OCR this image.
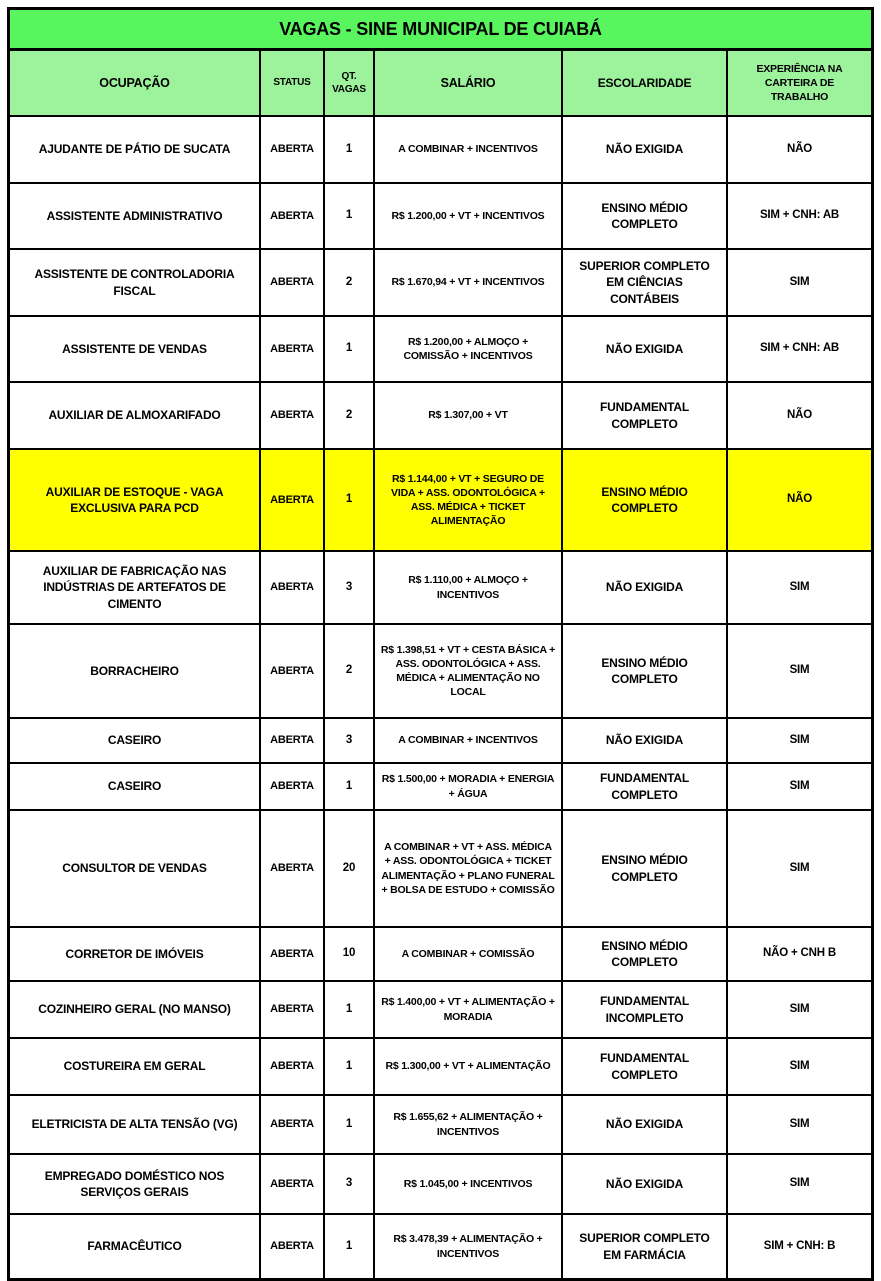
VAGAS - SINE MUNICIPAL DE CUIABÁ
OCUPAÇÃO	STATUS	QT. VAGAS	SALÁRIO	ESCOLARIDADE	EXPERIÊNCIA NA CARTEIRA DE TRABALHO
AJUDANTE DE PÁTIO DE SUCATA	ABERTA	1	A COMBINAR + INCENTIVOS	NÃO EXIGIDA	NÃO
ASSISTENTE ADMINISTRATIVO	ABERTA	1	R$ 1.200,00 + VT + INCENTIVOS	ENSINO MÉDIO COMPLETO	SIM + CNH: AB
ASSISTENTE DE CONTROLADORIA FISCAL	ABERTA	2	R$ 1.670,94 + VT + INCENTIVOS	SUPERIOR COMPLETO EM CIÊNCIAS CONTÁBEIS	SIM
ASSISTENTE DE VENDAS	ABERTA	1	R$ 1.200,00 + ALMOÇO + COMISSÃO + INCENTIVOS	NÃO EXIGIDA	SIM + CNH: AB
AUXILIAR DE ALMOXARIFADO	ABERTA	2	R$ 1.307,00 + VT	FUNDAMENTAL COMPLETO	NÃO
AUXILIAR DE ESTOQUE - VAGA EXCLUSIVA PARA PCD	ABERTA	1	R$ 1.144,00 + VT + SEGURO DE VIDA + ASS. ODONTOLÓGICA + ASS. MÉDICA + TICKET ALIMENTAÇÃO	ENSINO MÉDIO COMPLETO	NÃO
AUXILIAR DE FABRICAÇÃO NAS INDÚSTRIAS DE ARTEFATOS DE CIMENTO	ABERTA	3	R$ 1.110,00 + ALMOÇO + INCENTIVOS	NÃO EXIGIDA	SIM
BORRACHEIRO	ABERTA	2	R$ 1.398,51 + VT + CESTA BÁSICA + ASS. ODONTOLÓGICA + ASS. MÉDICA + ALIMENTAÇÃO NO LOCAL	ENSINO MÉDIO COMPLETO	SIM
CASEIRO	ABERTA	3	A COMBINAR + INCENTIVOS	NÃO EXIGIDA	SIM
CASEIRO	ABERTA	1	R$ 1.500,00 + MORADIA + ENERGIA + ÁGUA	FUNDAMENTAL COMPLETO	SIM
CONSULTOR DE VENDAS	ABERTA	20	A COMBINAR + VT + ASS. MÉDICA + ASS. ODONTOLÓGICA + TICKET ALIMENTAÇÃO + PLANO FUNERAL + BOLSA DE ESTUDO + COMISSÃO	ENSINO MÉDIO COMPLETO	SIM
CORRETOR DE IMÓVEIS	ABERTA	10	A COMBINAR + COMISSÃO	ENSINO MÉDIO COMPLETO	NÃO + CNH B
COZINHEIRO GERAL (NO MANSO)	ABERTA	1	R$ 1.400,00 + VT + ALIMENTAÇÃO + MORADIA	FUNDAMENTAL INCOMPLETO	SIM
COSTUREIRA EM GERAL	ABERTA	1	R$ 1.300,00 + VT + ALIMENTAÇÃO	FUNDAMENTAL COMPLETO	SIM
ELETRICISTA DE ALTA TENSÃO (VG)	ABERTA	1	R$ 1.655,62 + ALIMENTAÇÃO + INCENTIVOS	NÃO EXIGIDA	SIM
EMPREGADO DOMÉSTICO NOS SERVIÇOS GERAIS	ABERTA	3	R$ 1.045,00 + INCENTIVOS	NÃO EXIGIDA	SIM
FARMACÊUTICO	ABERTA	1	R$ 3.478,39 + ALIMENTAÇÃO + INCENTIVOS	SUPERIOR COMPLETO EM FARMÁCIA	SIM + CNH: B
